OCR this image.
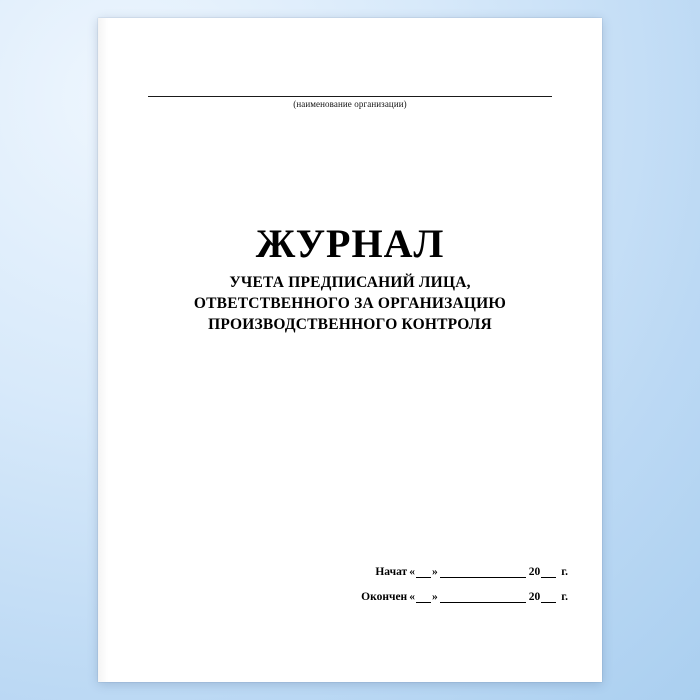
(наименование организации)
ЖУРНАЛ
УЧЕТА ПРЕДПИСАНИЙ ЛИЦА,
ОТВЕТСТВЕННОГО ЗА ОРГАНИЗАЦИЮ
ПРОИЗВОДСТВЕННОГО КОНТРОЛЯ
Начат « »	20 г.
Окончен « »	20 г.
